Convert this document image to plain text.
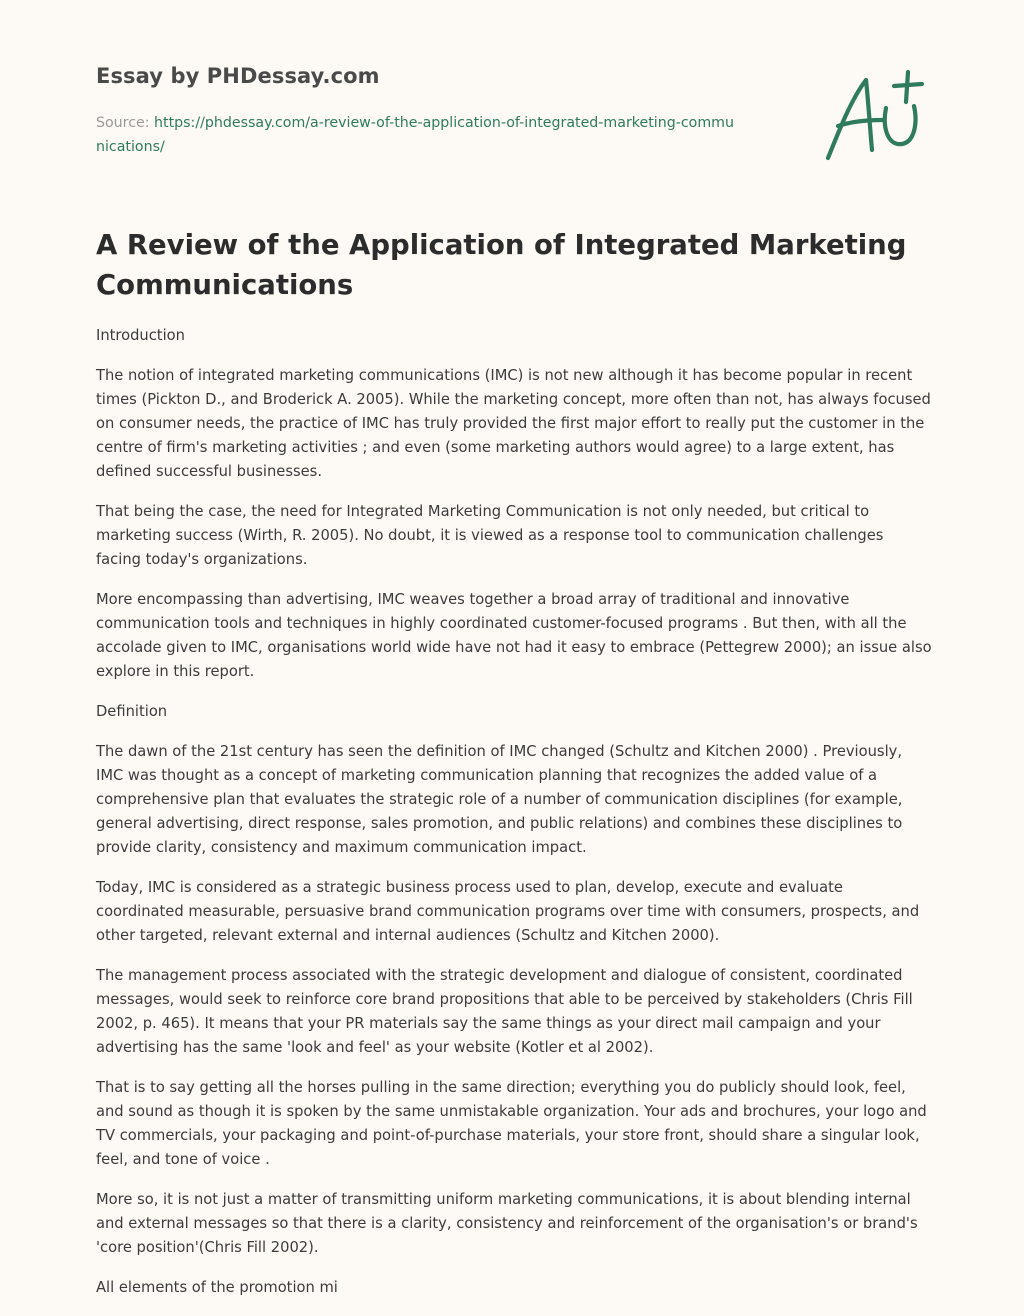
Essay by PHDessay.com

Source: https://phdessay.com/a-review-of-the-application-of-integrated-marketing-communications/

A Review of the Application of Integrated Marketing Communications

Introduction

The notion of integrated marketing communications (IMC) is not new although it has become popular in recent times (Pickton D., and Broderick A. 2005). While the marketing concept, more often than not, has always focused on consumer needs, the practice of IMC has truly provided the first major effort to really put the customer in the centre of firm's marketing activities ; and even (some marketing authors would agree) to a large extent, has defined successful businesses.

That being the case, the need for Integrated Marketing Communication is not only needed, but critical to marketing success (Wirth, R. 2005). No doubt, it is viewed as a response tool to communication challenges facing today's organizations.

More encompassing than advertising, IMC weaves together a broad array of traditional and innovative communication tools and techniques in highly coordinated customer-focused programs . But then, with all the accolade given to IMC, organisations world wide have not had it easy to embrace (Pettegrew 2000); an issue also explore in this report.

Definition

The dawn of the 21st century has seen the definition of IMC changed (Schultz and Kitchen 2000) . Previously, IMC was thought as a concept of marketing communication planning that recognizes the added value of a comprehensive plan that evaluates the strategic role of a number of communication disciplines (for example, general advertising, direct response, sales promotion, and public relations) and combines these disciplines to provide clarity, consistency and maximum communication impact.

Today, IMC is considered as a strategic business process used to plan, develop, execute and evaluate coordinated measurable, persuasive brand communication programs over time with consumers, prospects, and other targeted, relevant external and internal audiences (Schultz and Kitchen 2000).

The management process associated with the strategic development and dialogue of consistent, coordinated messages, would seek to reinforce core brand propositions that able to be perceived by stakeholders (Chris Fill 2002, p. 465). It means that your PR materials say the same things as your direct mail campaign and your advertising has the same 'look and feel' as your website (Kotler et al 2002).

That is to say getting all the horses pulling in the same direction; everything you do publicly should look, feel, and sound as though it is spoken by the same unmistakable organization. Your ads and brochures, your logo and TV commercials, your packaging and point-of-purchase materials, your store front, should share a singular look, feel, and tone of voice .

More so, it is not just a matter of transmitting uniform marketing communications, it is about blending internal and external messages so that there is a clarity, consistency and reinforcement of the organisation's or brand's 'core position'(Chris Fill 2002).

All elements of the promotion mi
